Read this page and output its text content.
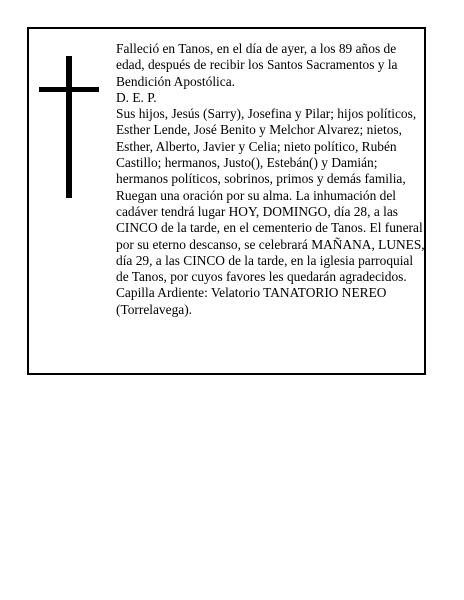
Falleció en Tanos, en el día de ayer, a los 89 años de edad, después de recibir los Santos Sacramentos y la Bendición Apostólica.

D. E. P.

Sus hijos, Jesús (Sarry), Josefina y Pilar; hijos políticos, Esther Lende, José Benito y Melchor Alvarez; nietos, Esther, Alberto, Javier y Celia; nieto político, Rubén Castillo; hermanos, Justo(), Estebán() y Damián; hermanos políticos, sobrinos, primos y demás familia,

Ruegan una oración por su alma. La inhumación del cadáver tendrá lugar HOY, DOMINGO, día 28, a las CINCO de la tarde, en el cementerio de Tanos. El funeral por su eterno descanso, se celebrará MAÑANA, LUNES, día 29, a las CINCO de la tarde, en la iglesia parroquial de Tanos, por cuyos favores les quedarán agradecidos. Capilla Ardiente: Velatorio TANATORIO NEREO (Torrelavega).
